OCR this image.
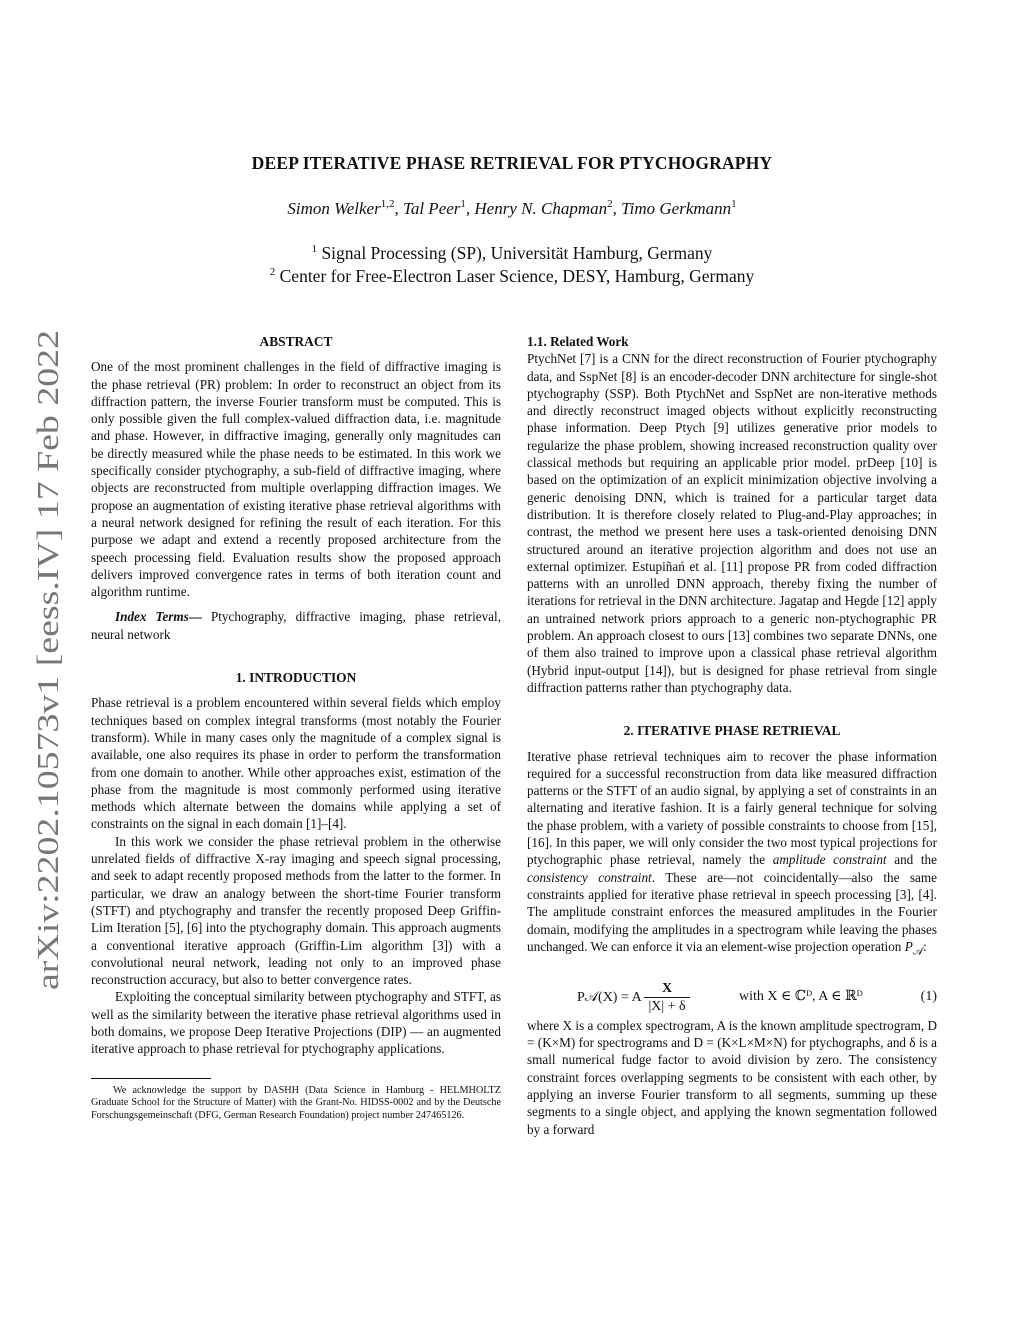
arXiv:2202.10573v1 [eess.IV] 17 Feb 2022
DEEP ITERATIVE PHASE RETRIEVAL FOR PTYCHOGRAPHY
Simon Welker$^{1,2}$, Tal Peer$^1$, Henry N. Chapman$^2$, Timo Gerkmann$^1$
$^1$ Signal Processing (SP), Universität Hamburg, Germany
$^2$ Center for Free-Electron Laser Science, DESY, Hamburg, Germany
ABSTRACT

One of the most prominent challenges in the field of diffractive imaging is the phase retrieval (PR) problem: In order to reconstruct an object from its diffraction pattern, the inverse Fourier transform must be computed. This is only possible given the full complex-valued diffraction data, i.e. magnitude and phase. However, in diffractive imaging, generally only magnitudes can be directly measured while the phase needs to be estimated. In this work we specifically consider ptychography, a sub-field of diffractive imaging, where objects are reconstructed from multiple overlapping diffraction images. We propose an augmentation of existing iterative phase retrieval algorithms with a neural network designed for refining the result of each iteration. For this purpose we adapt and extend a recently proposed architecture from the speech processing field. Evaluation results show the proposed approach delivers improved convergence rates in terms of both iteration count and algorithm runtime.

Index Terms— Ptychography, diffractive imaging, phase retrieval, neural network

1. INTRODUCTION

Phase retrieval is a problem encountered within several fields which employ techniques based on complex integral transforms (most notably the Fourier transform). While in many cases only the magnitude of a complex signal is available, one also requires its phase in order to perform the transformation from one domain to another. While other approaches exist, estimation of the phase from the magnitude is most commonly performed using iterative methods which alternate between the domains while applying a set of constraints on the signal in each domain [1]–[4].

In this work we consider the phase retrieval problem in the otherwise unrelated fields of diffractive X-ray imaging and speech signal processing, and seek to adapt recently proposed methods from the latter to the former. In particular, we draw an analogy between the short-time Fourier transform (STFT) and ptychography and transfer the recently proposed Deep Griffin-Lim Iteration [5], [6] into the ptychography domain. This approach augments a conventional iterative approach (Griffin-Lim algorithm [3]) with a convolutional neural network, leading not only to an improved phase reconstruction accuracy, but also to better convergence rates.

Exploiting the conceptual similarity between ptychography and STFT, as well as the similarity between the iterative phase retrieval algorithms used in both domains, we propose Deep Iterative Projections (DIP) — an augmented iterative approach to phase retrieval for ptychography applications.

We acknowledge the support by DASHH (Data Science in Hamburg - HELMHOLTZ Graduate School for the Structure of Matter) with the Grant-No. HIDSS-0002 and by the Deutsche Forschungsgemeinschaft (DFG, German Research Foundation) project number 247465126.

1.1. Related Work

PtychNet [7] is a CNN for the direct reconstruction of Fourier ptychography data, and SspNet [8] is an encoder-decoder DNN architecture for single-shot ptychography (SSP). Both PtychNet and SspNet are non-iterative methods and directly reconstruct imaged objects without explicitly reconstructing phase information. Deep Ptych [9] utilizes generative prior models to regularize the phase problem, showing increased reconstruction quality over classical methods but requiring an applicable prior model. prDeep [10] is based on the optimization of an explicit minimization objective involving a generic denoising DNN, which is trained for a particular target data distribution. It is therefore closely related to Plug-and-Play approaches; in contrast, the method we present here uses a task-oriented denoising DNN structured around an iterative projection algorithm and does not use an external optimizer. Estupiñań et al. [11] propose PR from coded diffraction patterns with an unrolled DNN approach, thereby fixing the number of iterations for retrieval in the DNN architecture. Jagatap and Hegde [12] apply an untrained network priors approach to a generic non-ptychographic PR problem. An approach closest to ours [13] combines two separate DNNs, one of them also trained to improve upon a classical phase retrieval algorithm (Hybrid input-output [14]), but is designed for phase retrieval from single diffraction patterns rather than ptychography data.

2. ITERATIVE PHASE RETRIEVAL

Iterative phase retrieval techniques aim to recover the phase information required for a successful reconstruction from data like measured diffraction patterns or the STFT of an audio signal, by applying a set of constraints in an alternating and iterative fashion. It is a fairly general technique for solving the phase problem, with a variety of possible constraints to choose from [15], [16]. In this paper, we will only consider the two most typical projections for ptychographic phase retrieval, namely the amplitude constraint and the consistency constraint. These are—not coincidentally—also the same constraints applied for iterative phase retrieval in speech processing [3], [4]. The amplitude constraint enforces the measured amplitudes in the Fourier domain, modifying the amplitudes in a spectrogram while leaving the phases unchanged. We can enforce it via an element-wise projection operation $P_𝒜$:

P𝒜(X) = A $\frac{X}{|X| + \delta}$	with X ∈ ℂᴰ, A ∈ ℝᴰ	(1)

where X is a complex spectrogram, A is the known amplitude spectrogram, D = (K×M) for spectrograms and D = (K×L×M×N) for ptychographs, and δ is a small numerical fudge factor to avoid division by zero. The consistency constraint forces overlapping segments to be consistent with each other, by applying an inverse Fourier transform to all segments, summing up these segments to a single object, and applying the known segmentation followed by a forward
